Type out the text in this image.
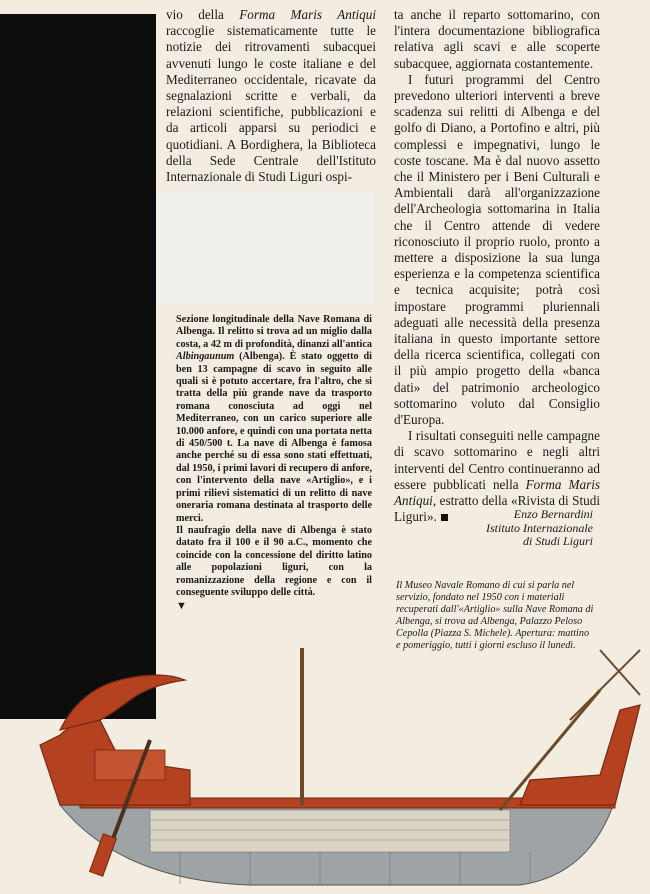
vio della Forma Maris Antiqui raccoglie sistematicamente tutte le notizie dei ritrovamenti subacquei avvenuti lungo le coste italiane e del Mediterraneo occidentale, ricavate da segnalazioni scritte e verbali, da relazioni scientifiche, pubblicazioni e da articoli apparsi su periodici e quotidiani. A Bordighera, la Biblioteca della Sede Centrale dell'Istituto Internazionale di Studi Liguri ospi-

ta anche il reparto sottomarino, con l'intera documentazione bibliografica relativa agli scavi e alle scoperte subacquee, aggiornata costantemente.

I futuri programmi del Centro prevedono ulteriori interventi a breve scadenza sui relitti di Albenga e del golfo di Diano, a Portofino e altri, più complessi e impegnativi, lungo le coste toscane. Ma è dal nuovo assetto che il Ministero per i Beni Culturali e Ambientali darà all'organizzazione dell'Archeologia sottomarina in Italia che il Centro attende di vedere riconosciuto il proprio ruolo, pronto a mettere a disposizione la sua lunga esperienza e la competenza scientifica e tecnica acquisite; potrà così impostare programmi pluriennali adeguati alle necessità della presenza italiana in questo importante settore della ricerca scientifica, collegati con il più ampio progetto della «banca dati» del patrimonio archeologico sottomarino voluto dal Consiglio d'Europa.

I risultati conseguiti nelle campagne di scavo sottomarino e negli altri interventi del Centro continueranno ad essere pubblicati nella Forma Maris Antiqui, estratto della «Rivista di Studi Liguri».

Sezione longitudinale della Nave Romana di Albenga. Il relitto si trova ad un miglio dalla costa, a 42 m di profondità, dinanzi all'antica Albingaunum (Albenga). È stato oggetto di ben 13 campagne di scavo in seguito alle quali si è potuto accertare, fra l'altro, che si tratta della più grande nave da trasporto romana conosciuta ad oggi nel Mediterraneo, con un carico superiore alle 10.000 anfore, e quindi con una portata netta di 450/500 t. La nave di Albenga è famosa anche perché su di essa sono stati effettuati, dal 1950, i primi lavori di recupero di anfore, con l'intervento della nave «Artiglio», e i primi rilievi sistematici di un relitto di nave oneraria romana destinata al trasporto delle merci.

Il naufragio della nave di Albenga è stato datato fra il 100 e il 90 a.C., momento che coincide con la concessione del diritto latino alle popolazioni liguri, con la romanizzazione della regione e con il conseguente sviluppo delle città.

▼
Enzo Bernardini
Istituto Internazionale
di Studi Liguri
Il Museo Navale Romano di cui si parla nel servizio, fondato nel 1950 con i materiali recuperati dall'«Artiglio» sulla Nave Romana di Albenga, si trova ad Albenga, Palazzo Peloso Cepolla (Piazza S. Michele). Apertura: mattino e pomeriggio, tutti i giorni escluso il lunedì.
